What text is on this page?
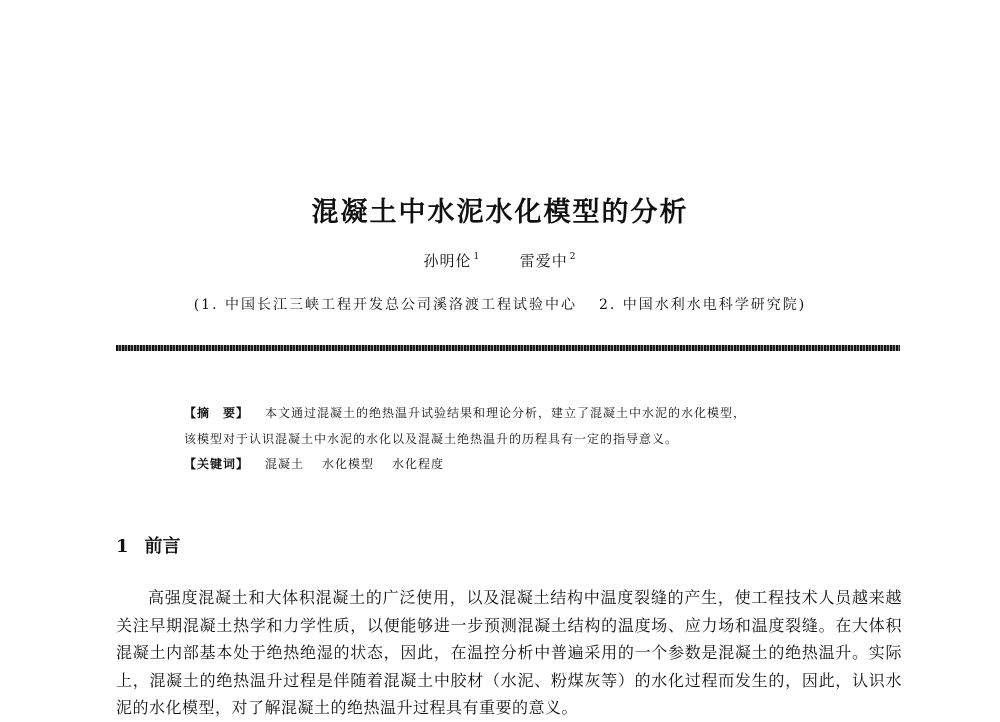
混凝土中水泥水化模型的分析
孙明伦 $^1$	雷爱中 $^2$
(1. 中国长江三峡工程开发总公司溪洛渡工程试验中心 2. 中国水利水电科学研究院)
【摘　要】 本文通过混凝土的绝热温升试验结果和理论分析，建立了混凝土中水泥的水化模型，
该模型对于认识混凝土中水泥的水化以及混凝土绝热温升的历程具有一定的指导意义。
【关键词】 混凝土 水化模型 水化程度
1 前言
高强度混凝土和大体积混凝土的广泛使用，以及混凝土结构中温度裂缝的产生，使工程技术人员越来越关注早期混凝土热学和力学性质，以便能够进一步预测混凝土结构的温度场、应力场和温度裂缝。在大体积混凝土内部基本处于绝热绝湿的状态，因此，在温控分析中普遍采用的一个参数是混凝土的绝热温升。实际上，混凝土的绝热温升过程是伴随着混凝土中胶材（水泥、粉煤灰等）的水化过程而发生的，因此，认识水泥的水化模型，对了解混凝土的绝热温升过程具有重要的意义。
